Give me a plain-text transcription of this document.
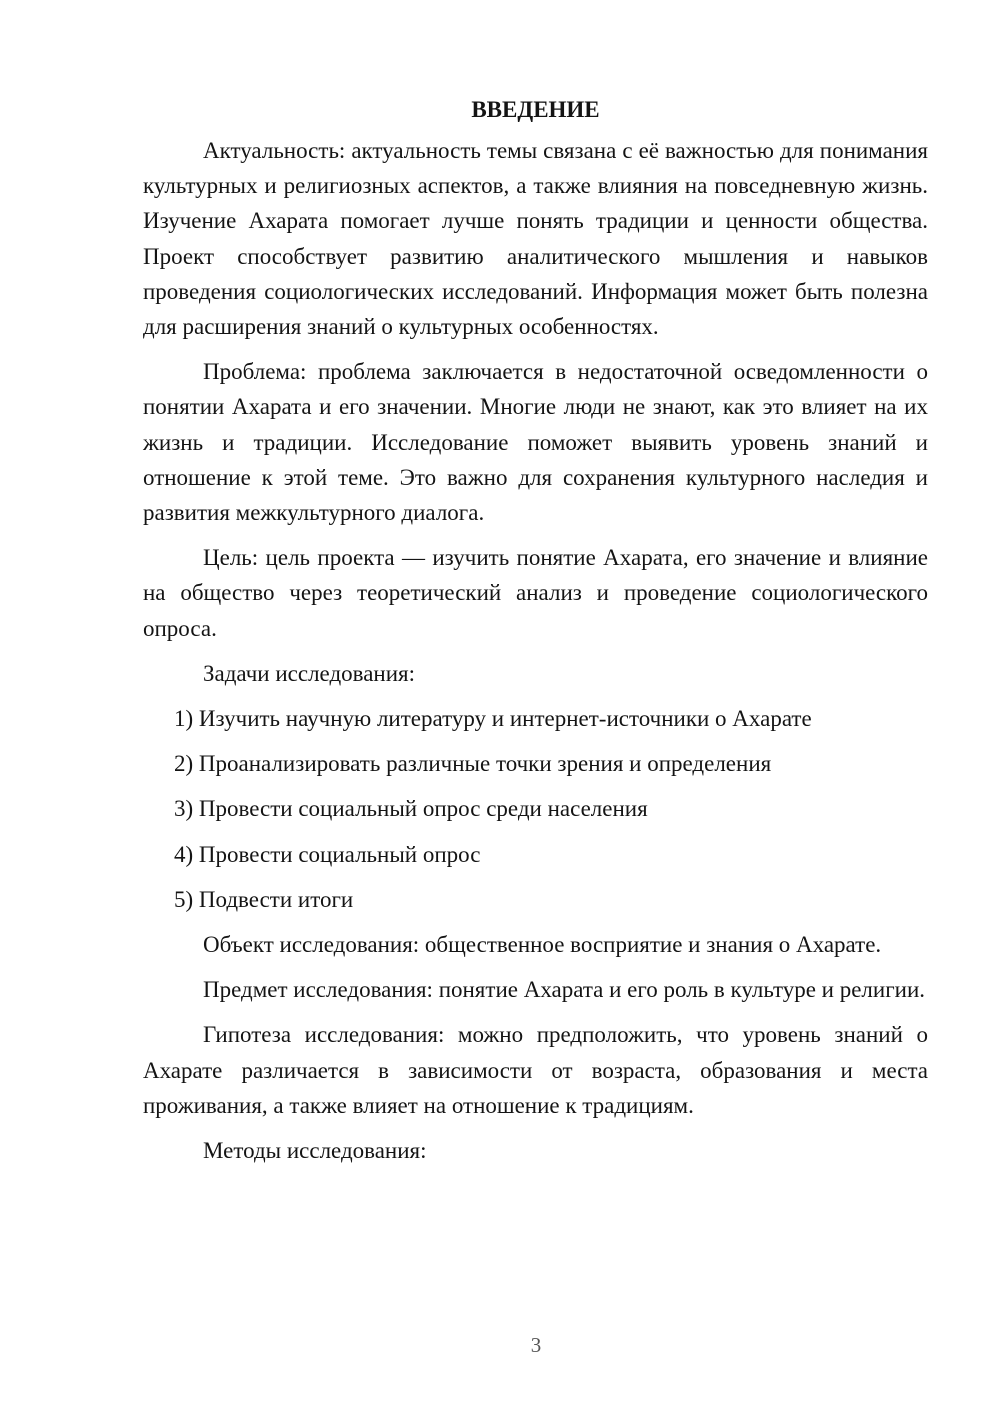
ВВЕДЕНИЕ

Актуальность: актуальность темы связана с её важностью для понимания культурных и религиозных аспектов, а также влияния на повседневную жизнь. Изучение Ахарата помогает лучше понять традиции и ценности общества. Проект способствует развитию аналитического мышления и навыков проведения социологических исследований. Информация может быть полезна для расширения знаний о культурных особенностях.

Проблема: проблема заключается в недостаточной осведомленности о понятии Ахарата и его значении. Многие люди не знают, как это влияет на их жизнь и традиции. Исследование поможет выявить уровень знаний и отношение к этой теме. Это важно для сохранения культурного наследия и развития межкультурного диалога.

Цель: цель проекта — изучить понятие Ахарата, его значение и влияние на общество через теоретический анализ и проведение социологического опроса.

Задачи исследования:

1) Изучить научную литературу и интернет-источники о Ахарате
2) Проанализировать различные точки зрения и определения
3) Провести социальный опрос среди населения
4) Провести социальный опрос
5) Подвести итоги

Объект исследования: общественное восприятие и знания о Ахарате.

Предмет исследования: понятие Ахарата и его роль в культуре и религии.

Гипотеза исследования: можно предположить, что уровень знаний о Ахарате различается в зависимости от возраста, образования и места проживания, а также влияет на отношение к традициям.

Методы исследования:

3
